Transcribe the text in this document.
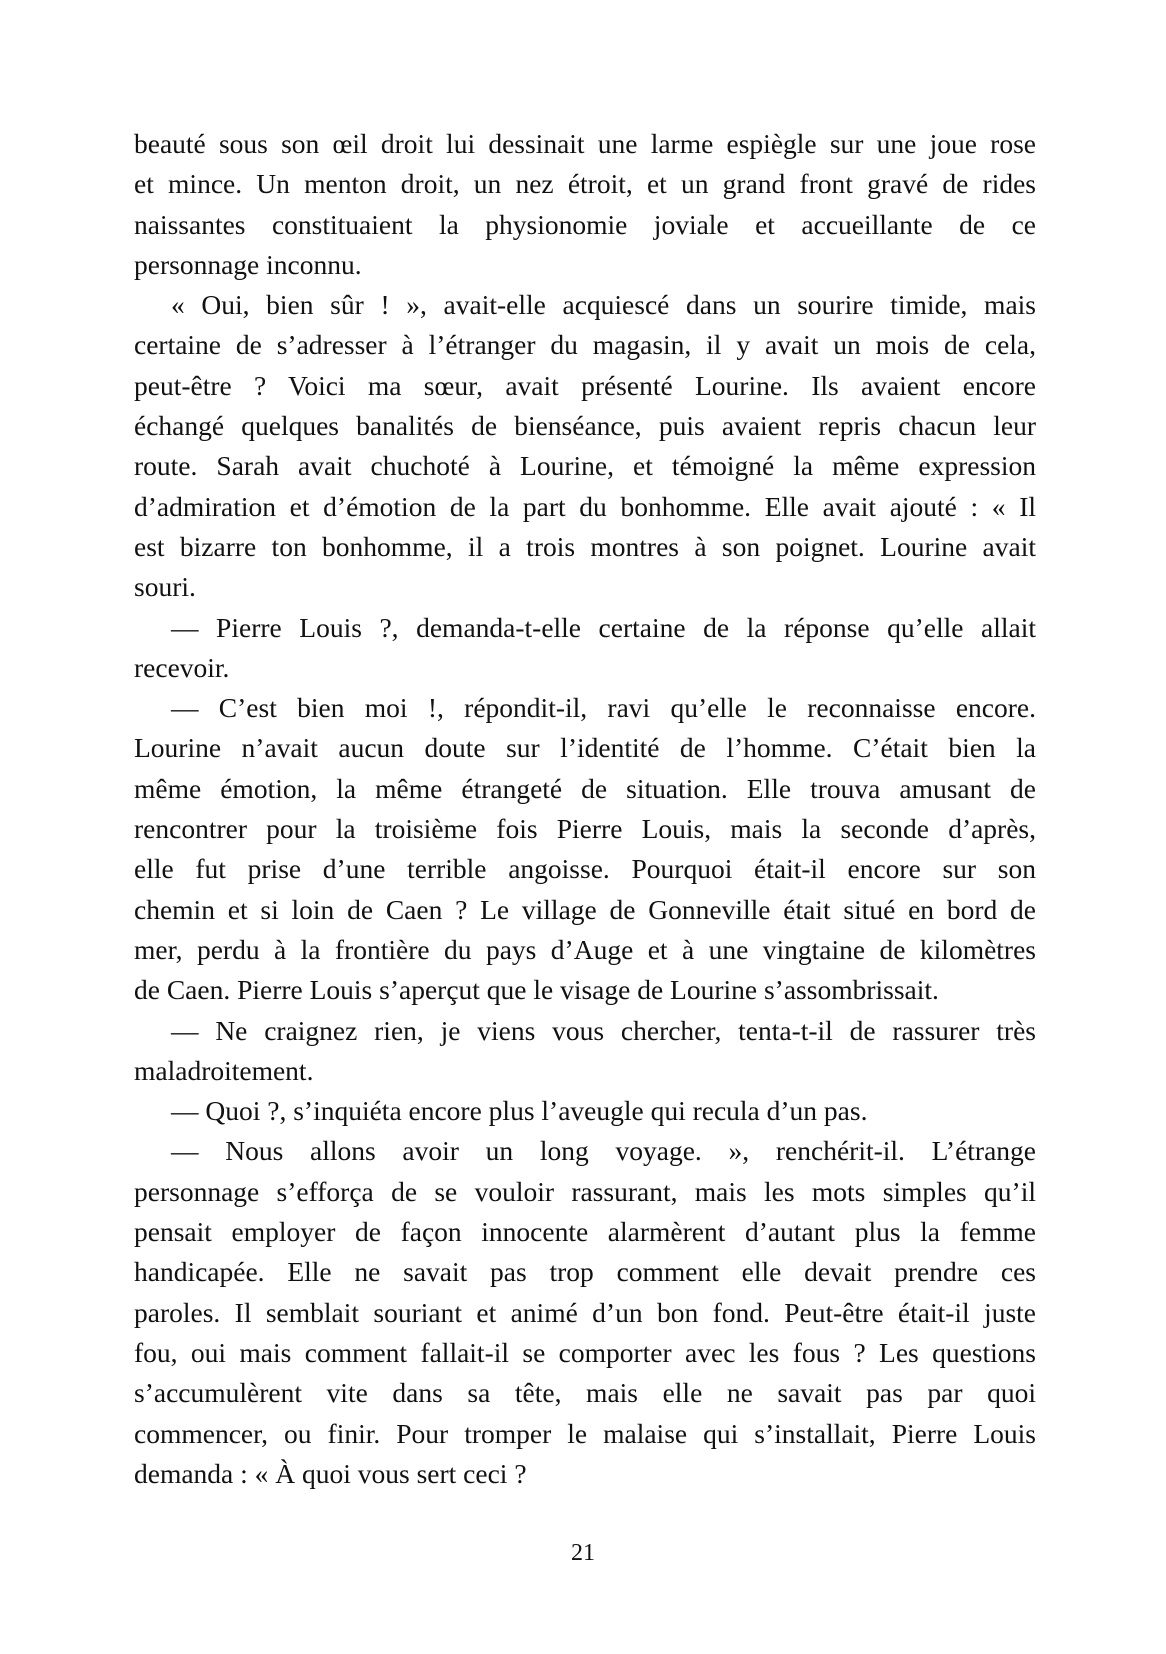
beauté sous son œil droit lui dessinait une larme espiègle sur une joue rose
et mince. Un menton droit, un nez étroit, et un grand front gravé de rides
naissantes constituaient la physionomie joviale et accueillante de ce
personnage inconnu.
« Oui, bien sûr ! », avait-elle acquiescé dans un sourire timide, mais
certaine de s’adresser à l’étranger du magasin, il y avait un mois de cela,
peut-être ? Voici ma sœur, avait présenté Lourine. Ils avaient encore
échangé quelques banalités de bienséance, puis avaient repris chacun leur
route. Sarah avait chuchoté à Lourine, et témoigné la même expression
d’admiration et d’émotion de la part du bonhomme. Elle avait ajouté : « Il
est bizarre ton bonhomme, il a trois montres à son poignet. Lourine avait
souri.
— Pierre Louis ?, demanda-t-elle certaine de la réponse qu’elle allait
recevoir.
— C’est bien moi !, répondit-il, ravi qu’elle le reconnaisse encore.
Lourine n’avait aucun doute sur l’identité de l’homme. C’était bien la
même émotion, la même étrangeté de situation. Elle trouva amusant de
rencontrer pour la troisième fois Pierre Louis, mais la seconde d’après,
elle fut prise d’une terrible angoisse. Pourquoi était-il encore sur son
chemin et si loin de Caen ? Le village de Gonneville était situé en bord de
mer, perdu à la frontière du pays d’Auge et à une vingtaine de kilomètres
de Caen. Pierre Louis s’aperçut que le visage de Lourine s’assombrissait.
— Ne craignez rien, je viens vous chercher, tenta-t-il de rassurer très
maladroitement.
— Quoi ?, s’inquiéta encore plus l’aveugle qui recula d’un pas.
— Nous allons avoir un long voyage. », renchérit-il. L’étrange
personnage s’efforça de se vouloir rassurant, mais les mots simples qu’il
pensait employer de façon innocente alarmèrent d’autant plus la femme
handicapée. Elle ne savait pas trop comment elle devait prendre ces
paroles. Il semblait souriant et animé d’un bon fond. Peut-être était-il juste
fou, oui mais comment fallait-il se comporter avec les fous ? Les questions
s’accumulèrent vite dans sa tête, mais elle ne savait pas par quoi
commencer, ou finir. Pour tromper le malaise qui s’installait, Pierre Louis
demanda : « À quoi vous sert ceci ?
21
